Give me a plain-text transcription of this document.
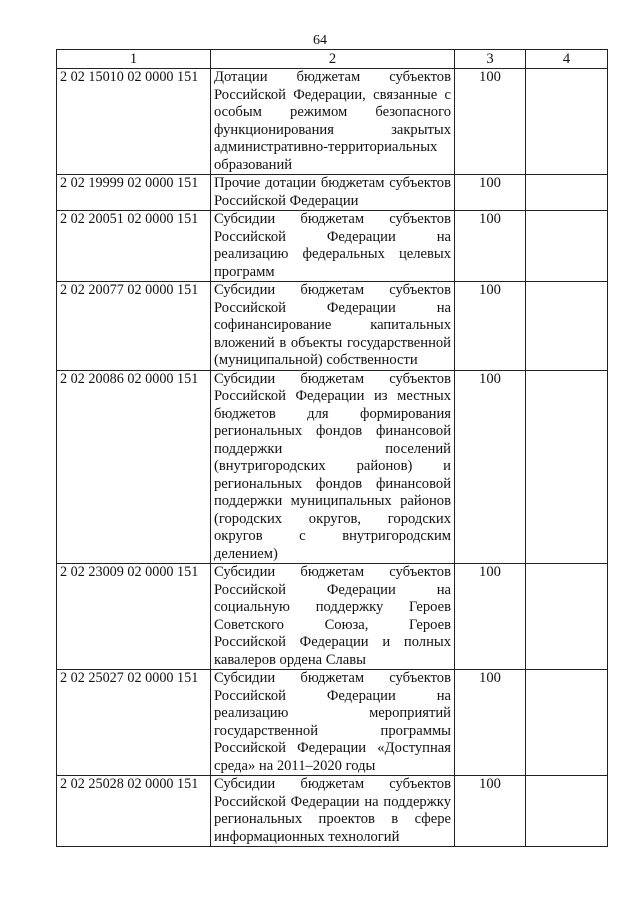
64
1	2	3	4
2 02 15010 02 0000 151	Дотации бюджетам субъектов Российской Федерации, связанные с особым режимом безопасного функционирования закрытых административно-территориальных образований	100	
2 02 19999 02 0000 151	Прочие дотации бюджетам субъектов Российской Федерации	100	
2 02 20051 02 0000 151	Субсидии бюджетам субъектов Российской Федерации на реализацию федеральных целевых программ	100	
2 02 20077 02 0000 151	Субсидии бюджетам субъектов Российской Федерации на софинансирование капитальных вложений в объекты государственной (муниципальной) собственности	100	
2 02 20086 02 0000 151	Субсидии бюджетам субъектов Российской Федерации из местных бюджетов для формирования региональных фондов финансовой поддержки поселений (внутригородских районов) и региональных фондов финансовой поддержки муниципальных районов (городских округов, городских округов с внутригородским делением)	100	
2 02 23009 02 0000 151	Субсидии бюджетам субъектов Российской Федерации на социальную поддержку Героев Советского Союза, Героев Российской Федерации и полных кавалеров ордена Славы	100	
2 02 25027 02 0000 151	Субсидии бюджетам субъектов Российской Федерации на реализацию мероприятий государственной программы Российской Федерации «Доступная среда» на 2011–2020 годы	100	
2 02 25028 02 0000 151	Субсидии бюджетам субъектов Российской Федерации на поддержку региональных проектов в сфере информационных технологий	100	
